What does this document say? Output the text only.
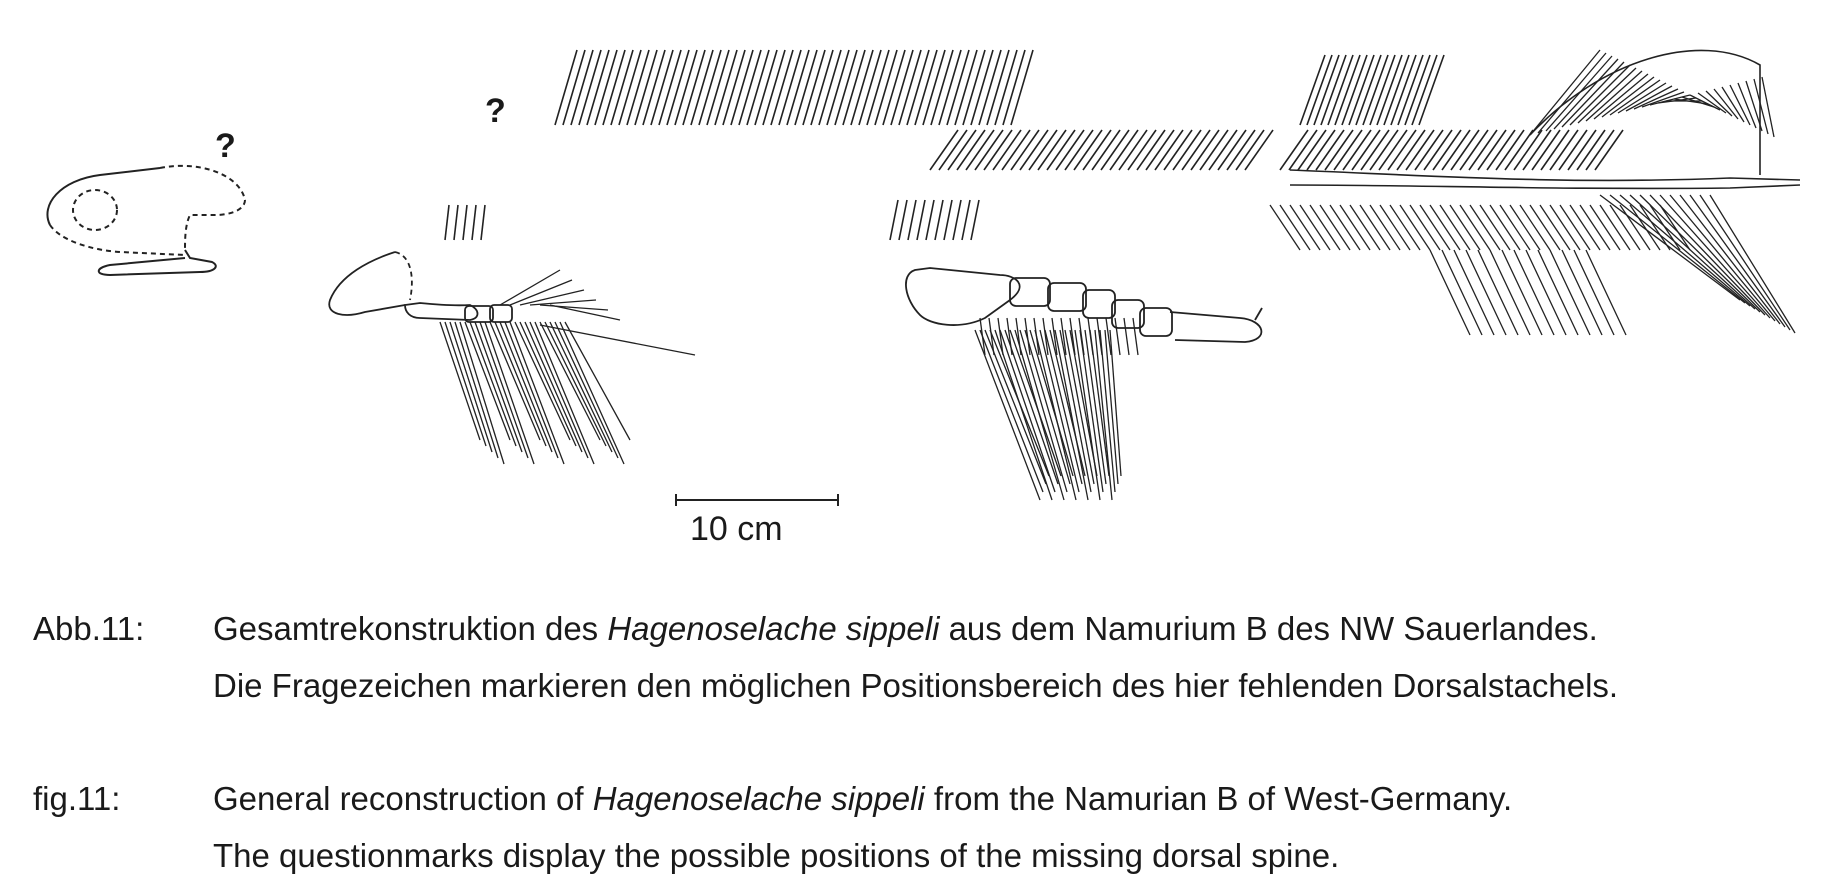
?
?
10 cm
Abb.11: Gesamtrekonstruktion des Hagenoselache sippeli aus dem Namurium B des NW Sauerlandes.
Die Fragezeichen markieren den möglichen Positionsbereich des hier fehlenden Dorsalstachels.
fig.11:	General reconstruction of Hagenoselache sippeli from the Namurian B of West-Germany.
The questionmarks display the possible positions of the missing dorsal spine.
